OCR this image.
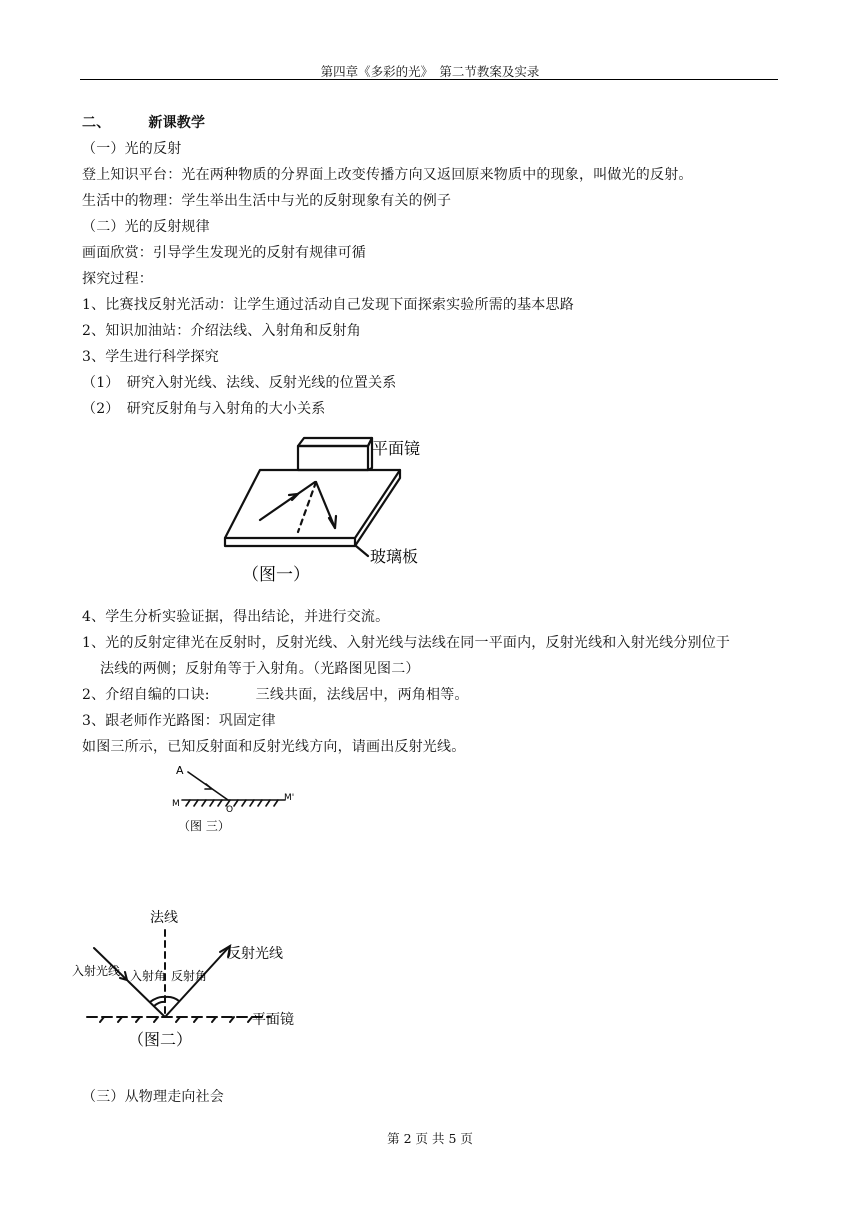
第四章《多彩的光》　第二节教案及实录
二、	新课教学
（一）光的反射
登上知识平台：光在两种物质的分界面上改变传播方向又返回原来物质中的现象，叫做光的反射。
生活中的物理：学生举出生活中与光的反射现象有关的例子
（二）光的反射规律
画面欣赏：引导学生发现光的反射有规律可循
探究过程：
1、比赛找反射光活动：让学生通过活动自己发现下面探索实验所需的基本思路
2、知识加油站：介绍法线、入射角和反射角
3、学生进行科学探究
（1）　研究入射光线、法线、反射光线的位置关系
（2）　研究反射角与入射角的大小关系
平面镜
玻璃板
（图一）
4、学生分析实验证据，得出结论，并进行交流。
1、光的反射定律光在反射时，反射光线、入射光线与法线在同一平面内，反射光线和入射光线分别位于
法线的两侧；反射角等于入射角。（光路图见图二）
2、介绍自编的口诀:	三线共面，法线居中，两角相等。
3、跟老师作光路图：巩固定律
如图三所示，已知反射面和反射光线方向，请画出反射光线。
A
M
O
M'
（图 三）
法线
入射光线 入射角 反射角
反射光线
平面镜
（图二）
（三）从物理走向社会
第 2 页 共 5 页
